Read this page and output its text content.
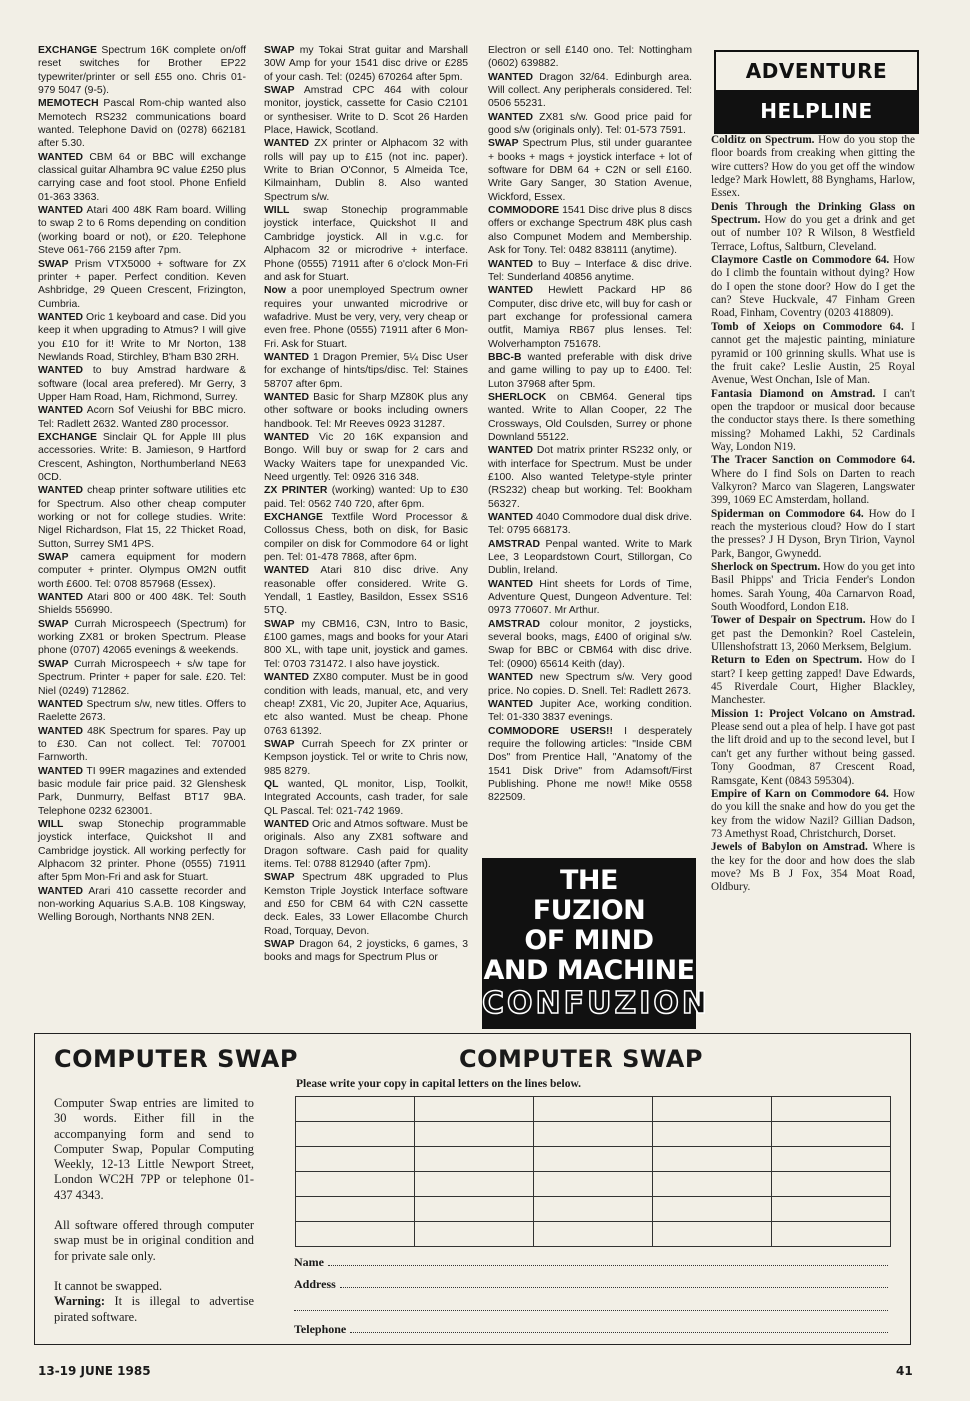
EXCHANGE Spectrum 16K complete on/off reset switches for Brother EP22 typewriter/printer or sell £55 ono. Chris 01-979 5047 (9-5).

MEMOTECH Pascal Rom-chip wanted also Memotech RS232 communications board wanted. Telephone David on (0278) 662181 after 5.30.

WANTED CBM 64 or BBC will exchange classical guitar Alhambra 9C value £250 plus carrying case and foot stool. Phone Enfield 01-363 3363.

WANTED Atari 400 48K Ram board. Willing to swap 2 to 6 Roms depending on condition (working board or not), or £20. Telephone Steve 061-766 2159 after 7pm.

SWAP Prism VTX5000 + software for ZX printer + paper. Perfect condition. Keven Ashbridge, 29 Queen Crescent, Frizington, Cumbria.

WANTED Oric 1 keyboard and case. Did you keep it when upgrading to Atmus? I will give you £10 for it! Write to Mr Norton, 138 Newlands Road, Stirchley, B'ham B30 2RH.

WANTED to buy Amstrad hardware & software (local area prefered). Mr Gerry, 3 Upper Ham Road, Ham, Richmond, Surrey.

WANTED Acorn Sof Veiushi for BBC micro. Tel: Radlett 2632. Wanted Z80 processor.

EXCHANGE Sinclair QL for Apple III plus accessories. Write: B. Jamieson, 9 Hartford Crescent, Ashington, Northumberland NE63 0CD.

WANTED cheap printer software utilities etc for Spectrum. Also other cheap computer working or not for college studies. Write: Nigel Richardson, Flat 15, 22 Thicket Road, Sutton, Surrey SM1 4PS.

SWAP camera equipment for modern computer + printer. Olympus OM2N outfit worth £600. Tel: 0708 857968 (Essex).

WANTED Atari 800 or 400 48K. Tel: South Shields 556990.

SWAP Currah Microspeech (Spectrum) for working ZX81 or broken Spectrum. Please phone (0707) 42065 evenings & weekends.

SWAP Currah Microspeech + s/w tape for Spectrum. Printer + paper for sale. £20. Tel: Niel (0249) 712862.

WANTED Spectrum s/w, new titles. Offers to Raelette 2673.

WANTED 48K Spectrum for spares. Pay up to £30. Can not collect. Tel: 707001 Farnworth.

WANTED TI 99ER magazines and extended basic module fair price paid. 32 Glenshesk Park, Dunmurry, Belfast BT17 9BA. Telephone 0232 623001.

WILL swap Stonechip programmable joystick interface, Quickshot II and Cambridge joystick. All working perfectly for Alphacom 32 printer. Phone (0555) 71911 after 5pm Mon-Fri and ask for Stuart.

WANTED Arari 410 cassette recorder and non-working Aquarius S.A.B. 108 Kingsway, Welling Borough, Northants NN8 2EN.

SWAP my Tokai Strat guitar and Marshall 30W Amp for your 1541 disc drive or £285 of your cash. Tel: (0245) 670264 after 5pm.

SWAP Amstrad CPC 464 with colour monitor, joystick, cassette for Casio C2101 or synthesiser. Write to D. Scot 26 Harden Place, Hawick, Scotland.

WANTED ZX printer or Alphacom 32 with rolls will pay up to £15 (not inc. paper). Write to Brian O'Connor, 5 Almeida Tce, Kilmainham, Dublin 8. Also wanted Spectrum s/w.

WILL swap Stonechip programmable joystick interface, Quickshot II and Cambridge joystick. All in v.g.c. for Alphacom 32 or microdrive + interface. Phone (0555) 71911 after 6 o'clock Mon-Fri and ask for Stuart.

Now a poor unemployed Spectrum owner requires your unwanted microdrive or wafadrive. Must be very, very, very cheap or even free. Phone (0555) 71911 after 6 Mon-Fri. Ask for Stuart.

WANTED 1 Dragon Premier, 5¼ Disc User for exchange of hints/tips/disc. Tel: Staines 58707 after 6pm.

WANTED Basic for Sharp MZ80K plus any other software or books including owners handbook. Tel: Mr Reeves 0923 31287.

WANTED Vic 20 16K expansion and Bongo. Will buy or swap for 2 cars and Wacky Waiters tape for unexpanded Vic. Need urgently. Tel: 0926 316 348.

ZX PRINTER (working) wanted: Up to £30 paid. Tel: 0562 740 720, after 6pm.

EXCHANGE Textfile Word Processor & Collossus Chess, both on disk, for Basic compiler on disk for Commodore 64 or light pen. Tel: 01-478 7868, after 6pm.

WANTED Atari 810 disc drive. Any reasonable offer considered. Write G. Yendall, 1 Eastley, Basildon, Essex SS16 5TQ.

SWAP my CBM16, C3N, Intro to Basic, £100 games, mags and books for your Atari 800 XL, with tape unit, joystick and games. Tel: 0703 731472. I also have joystick.

WANTED ZX80 computer. Must be in good condition with leads, manual, etc, and very cheap! ZX81, Vic 20, Jupiter Ace, Aquarius, etc also wanted. Must be cheap. Phone 0763 61392.

SWAP Currah Speech for ZX printer or Kempson joystick. Tel or write to Chris now, 985 8279.

QL wanted, QL monitor, Lisp, Toolkit, Integrated Accounts, cash trader, for sale QL Pascal. Tel: 021-742 1969.

WANTED Oric and Atmos software. Must be originals. Also any ZX81 software and Dragon software. Cash paid for quality items. Tel: 0788 812940 (after 7pm).

SWAP Spectrum 48K upgraded to Plus Kemston Triple Joystick Interface software and £50 for CBM 64 with C2N cassette deck. Eales, 33 Lower Ellacombe Church Road, Torquay, Devon.

SWAP Dragon 64, 2 joysticks, 6 games, 3 books and mags for Spectrum Plus or

Electron or sell £140 ono. Tel: Nottingham (0602) 639882.

WANTED Dragon 32/64. Edinburgh area. Will collect. Any peripherals considered. Tel: 0506 55231.

WANTED ZX81 s/w. Good price paid for good s/w (originals only). Tel: 01-573 7591.

SWAP Spectrum Plus, stil under guarantee + books + mags + joystick interface + lot of software for DBM 64 + C2N or sell £160. Write Gary Sanger, 30 Station Avenue, Wickford, Essex.

COMMODORE 1541 Disc drive plus 8 discs offers or exchange Spectrum 48K plus cash also Compunet Modem and Membership. Ask for Tony. Tel: 0482 838111 (anytime).

WANTED to Buy – Interface & disc drive. Tel: Sunderland 40856 anytime.

WANTED Hewlett Packard HP 86 Computer, disc drive etc, will buy for cash or part exchange for professional camera outfit, Mamiya RB67 plus lenses. Tel: Wolverhampton 751678.

BBC-B wanted preferable with disk drive and game willing to pay up to £400. Tel: Luton 37968 after 5pm.

SHERLOCK on CBM64. General tips wanted. Write to Allan Cooper, 22 The Crossways, Old Coulsden, Surrey or phone Downland 55122.

WANTED Dot matrix printer RS232 only, or with interface for Spectrum. Must be under £100. Also wanted Teletype-style printer (RS232) cheap but working. Tel: Bookham 56327.

WANTED 4040 Commodore dual disk drive. Tel: 0795 668173.

AMSTRAD Penpal wanted. Write to Mark Lee, 3 Leopardstown Court, Stillorgan, Co Dublin, Ireland.

WANTED Hint sheets for Lords of Time, Adventure Quest, Dungeon Adventure. Tel: 0973 770607. Mr Arthur.

AMSTRAD colour monitor, 2 joysticks, several books, mags, £400 of original s/w. Swap for BBC or CBM64 with disc drive. Tel: (0900) 65614 Keith (day).

WANTED new Spectrum s/w. Very good price. No copies. D. Snell. Tel: Radlett 2673.

WANTED Jupiter Ace, working condition. Tel: 01-330 3837 evenings.

COMMODORE USERS!! I desperately require the following articles: "Inside CBM Dos" from Prentice Hall, "Anatomy of the 1541 Disk Drive" from Adamsoft/First Publishing. Phone me now!! Mike 0558 822509.

ADVENTURE
HELPLINE

Colditz on Spectrum. How do you stop the floor boards from creaking when gitting the wire cutters? How do you get off the window ledge? Mark Howlett, 88 Bynghams, Harlow, Essex.

Denis Through the Drinking Glass on Spectrum. How do you get a drink and get out of number 10? R Wilson, 8 Westfield Terrace, Loftus, Saltburn, Cleveland.

Claymore Castle on Commodore 64. How do I climb the fountain without dying? How do I open the stone door? How do I get the can? Steve Huckvale, 47 Finham Green Road, Finham, Coventry (0203 418809).

Tomb of Xeiops on Commodore 64. I cannot get the majestic painting, miniature pyramid or 100 grinning skulls. What use is the fruit cake? Leslie Austin, 25 Royal Avenue, West Onchan, Isle of Man.

Fantasia Diamond on Amstrad. I can't open the trapdoor or musical door because the conductor stays there. Is there something missing? Mohamed Lakhi, 52 Cardinals Way, London N19.

The Tracer Sanction on Commodore 64. Where do I find Sols on Darten to reach Valkyron? Marco van Slageren, Langswater 399, 1069 EC Amsterdam, holland.

Spiderman on Commodore 64. How do I reach the mysterious cloud? How do I start the presses? J H Dyson, Bryn Tirion, Vaynol Park, Bangor, Gwynedd.

Sherlock on Spectrum. How do you get into Basil Phipps' and Tricia Fender's London homes. Sarah Young, 40a Carnarvon Road, South Woodford, London E18.

Tower of Despair on Spectrum. How do I get past the Demonkin? Roel Castelein, Ullenshofstratt 13, 2060 Merksem, Belgium.

Return to Eden on Spectrum. How do I start? I keep getting zapped! Dave Edwards, 45 Riverdale Court, Higher Blackley, Manchester.

Mission 1: Project Volcano on Amstrad. Please send out a plea of help. I have got past the lift droid and up to the second level, but I can't get any further without being gassed. Tony Goodman, 87 Crescent Road, Ramsgate, Kent (0843 595304).

Empire of Karn on Commodore 64. How do you kill the snake and how do you get the key from the widow Nazil? Gillian Dadson, 73 Amethyst Road, Christchurch, Dorset.

Jewels of Babylon on Amstrad. Where is the key for the door and how does the slab move? Ms B J Fox, 354 Moat Road, Oldbury.

THE
FUZION
OF MIND
AND MACHINE
CONFUZION
COMPUTER SWAP	COMPUTER SWAP
Please write your copy in capital letters on the lines below.

Computer Swap entries are limited to 30 words. Either fill in the accompanying form and send to Computer Swap, Popular Computing Weekly, 12-13 Little Newport Street, London WC2H 7PP or telephone 01-437 4343.

All software offered through computer swap must be in original condition and for private sale only.

It cannot be swapped.
Warning: It is illegal to advertise pirated software.

Name
Address
Telephone
13-19 JUNE 1985	41
